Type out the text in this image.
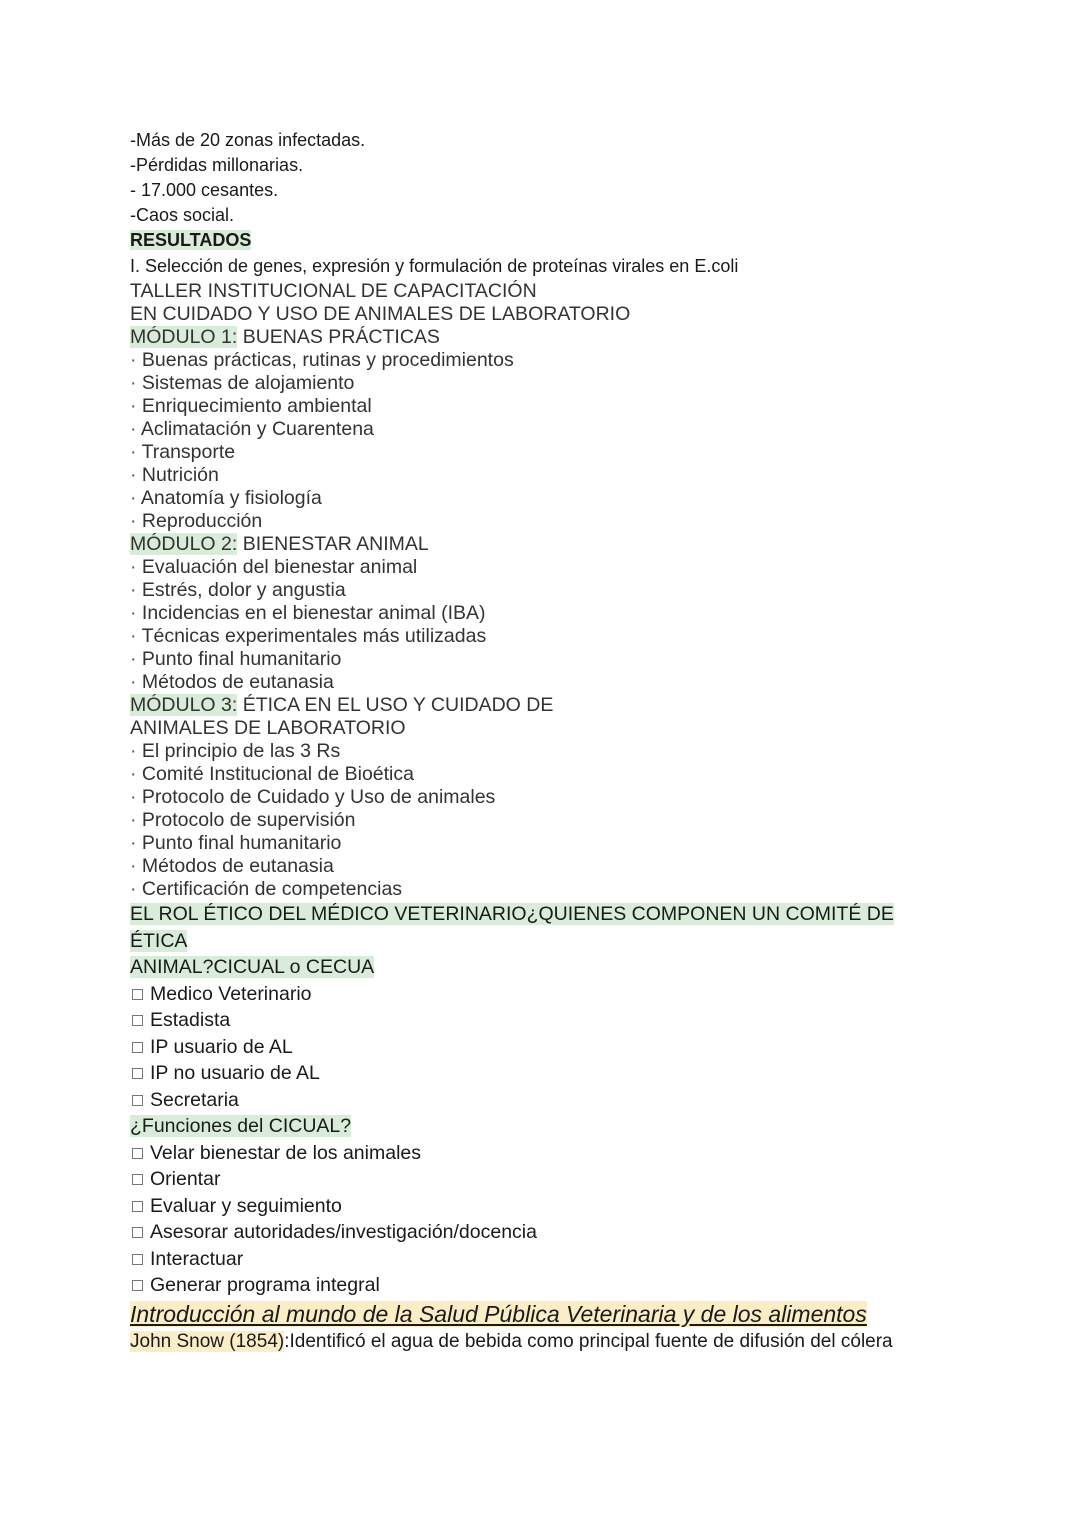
-Más de 20 zonas infectadas.
-Pérdidas millonarias.
- 17.000 cesantes.
-Caos social.
RESULTADOS
I. Selección de genes, expresión y formulación de proteínas virales en E.coli
TALLER INSTITUCIONAL DE CAPACITACIÓN
EN CUIDADO Y USO DE ANIMALES DE LABORATORIO
MÓDULO 1: BUENAS PRÁCTICAS
· Buenas prácticas, rutinas y procedimientos
· Sistemas de alojamiento
· Enriquecimiento ambiental
· Aclimatación y Cuarentena
· Transporte
· Nutrición
· Anatomía y fisiología
· Reproducción
MÓDULO 2: BIENESTAR ANIMAL
· Evaluación del bienestar animal
· Estrés, dolor y angustia
· Incidencias en el bienestar animal (IBA)
· Técnicas experimentales más utilizadas
· Punto final humanitario
· Métodos de eutanasia
MÓDULO 3: ÉTICA EN EL USO Y CUIDADO DE
ANIMALES DE LABORATORIO
· El principio de las 3 Rs
· Comité Institucional de Bioética
· Protocolo de Cuidado y Uso de animales
· Protocolo de supervisión
· Punto final humanitario
· Métodos de eutanasia
· Certificación de competencias
EL ROL ÉTICO DEL MÉDICO VETERINARIO¿QUIENES COMPONEN UN COMITÉ DE
ÉTICA
ANIMAL?CICUAL o CECUA
Medico Veterinario
Estadista
IP usuario de AL
IP no usuario de AL
Secretaria
¿Funciones del CICUAL?
Velar bienestar de los animales
Orientar
Evaluar y seguimiento
Asesorar autoridades/investigación/docencia
Interactuar
Generar programa integral
Introducción al mundo de la Salud Pública Veterinaria y de los alimentos
John Snow (1854):Identificó el agua de bebida como principal fuente de difusión del cólera
